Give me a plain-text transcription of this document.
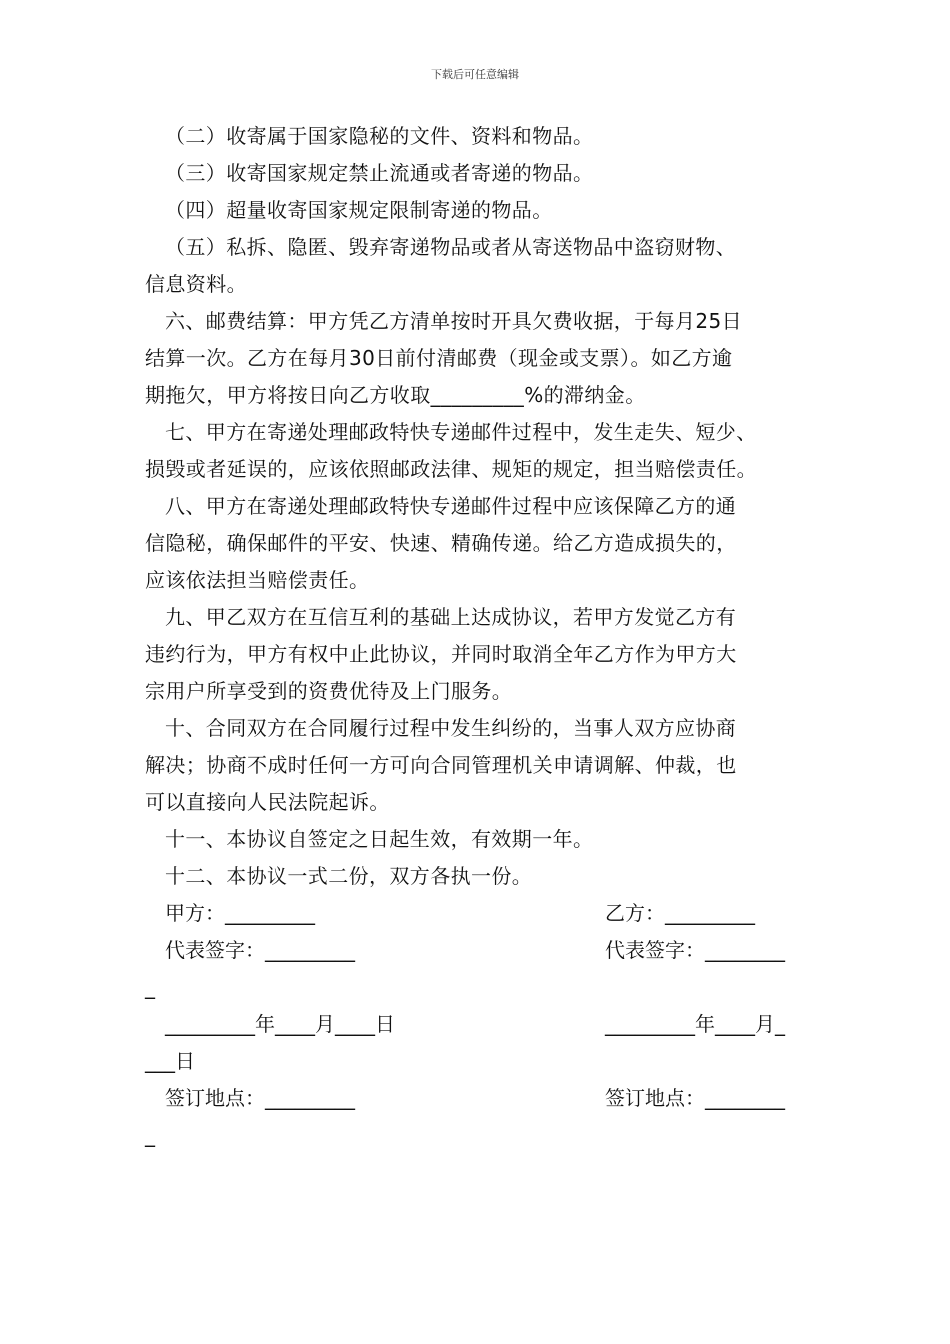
下载后可任意编辑
（二）收寄属于国家隐秘的文件、资料和物品。
（三）收寄国家规定禁止流通或者寄递的物品。
（四）超量收寄国家规定限制寄递的物品。
（五）私拆、隐匿、毁弃寄递物品或者从寄送物品中盗窃财物、
信息资料。
六、邮费结算：甲方凭乙方清单按时开具欠费收据，于每月25日
结算一次。乙方在每月30日前付清邮费（现金或支票）。如乙方逾
期拖欠，甲方将按日向乙方收取_________%的滞纳金。
七、甲方在寄递处理邮政特快专递邮件过程中，发生走失、短少、
损毁或者延误的，应该依照邮政法律、规矩的规定，担当赔偿责任。
八、甲方在寄递处理邮政特快专递邮件过程中应该保障乙方的通
信隐秘，确保邮件的平安、快速、精确传递。给乙方造成损失的，
应该依法担当赔偿责任。
九、甲乙双方在互信互利的基础上达成协议，若甲方发觉乙方有
违约行为，甲方有权中止此协议，并同时取消全年乙方作为甲方大
宗用户所享受到的资费优待及上门服务。
十、合同双方在合同履行过程中发生纠纷的，当事人双方应协商
解决；协商不成时任何一方可向合同管理机关申请调解、仲裁，也
可以直接向人民法院起诉。
十一、本协议自签定之日起生效，有效期一年。
十二、本协议一式二份，双方各执一份。
甲方：_________	乙方：_________
代表签字：_________	代表签字：________
_
_________年____月____日	_________年____月_
___日
签订地点：_________	签订地点：________
_
